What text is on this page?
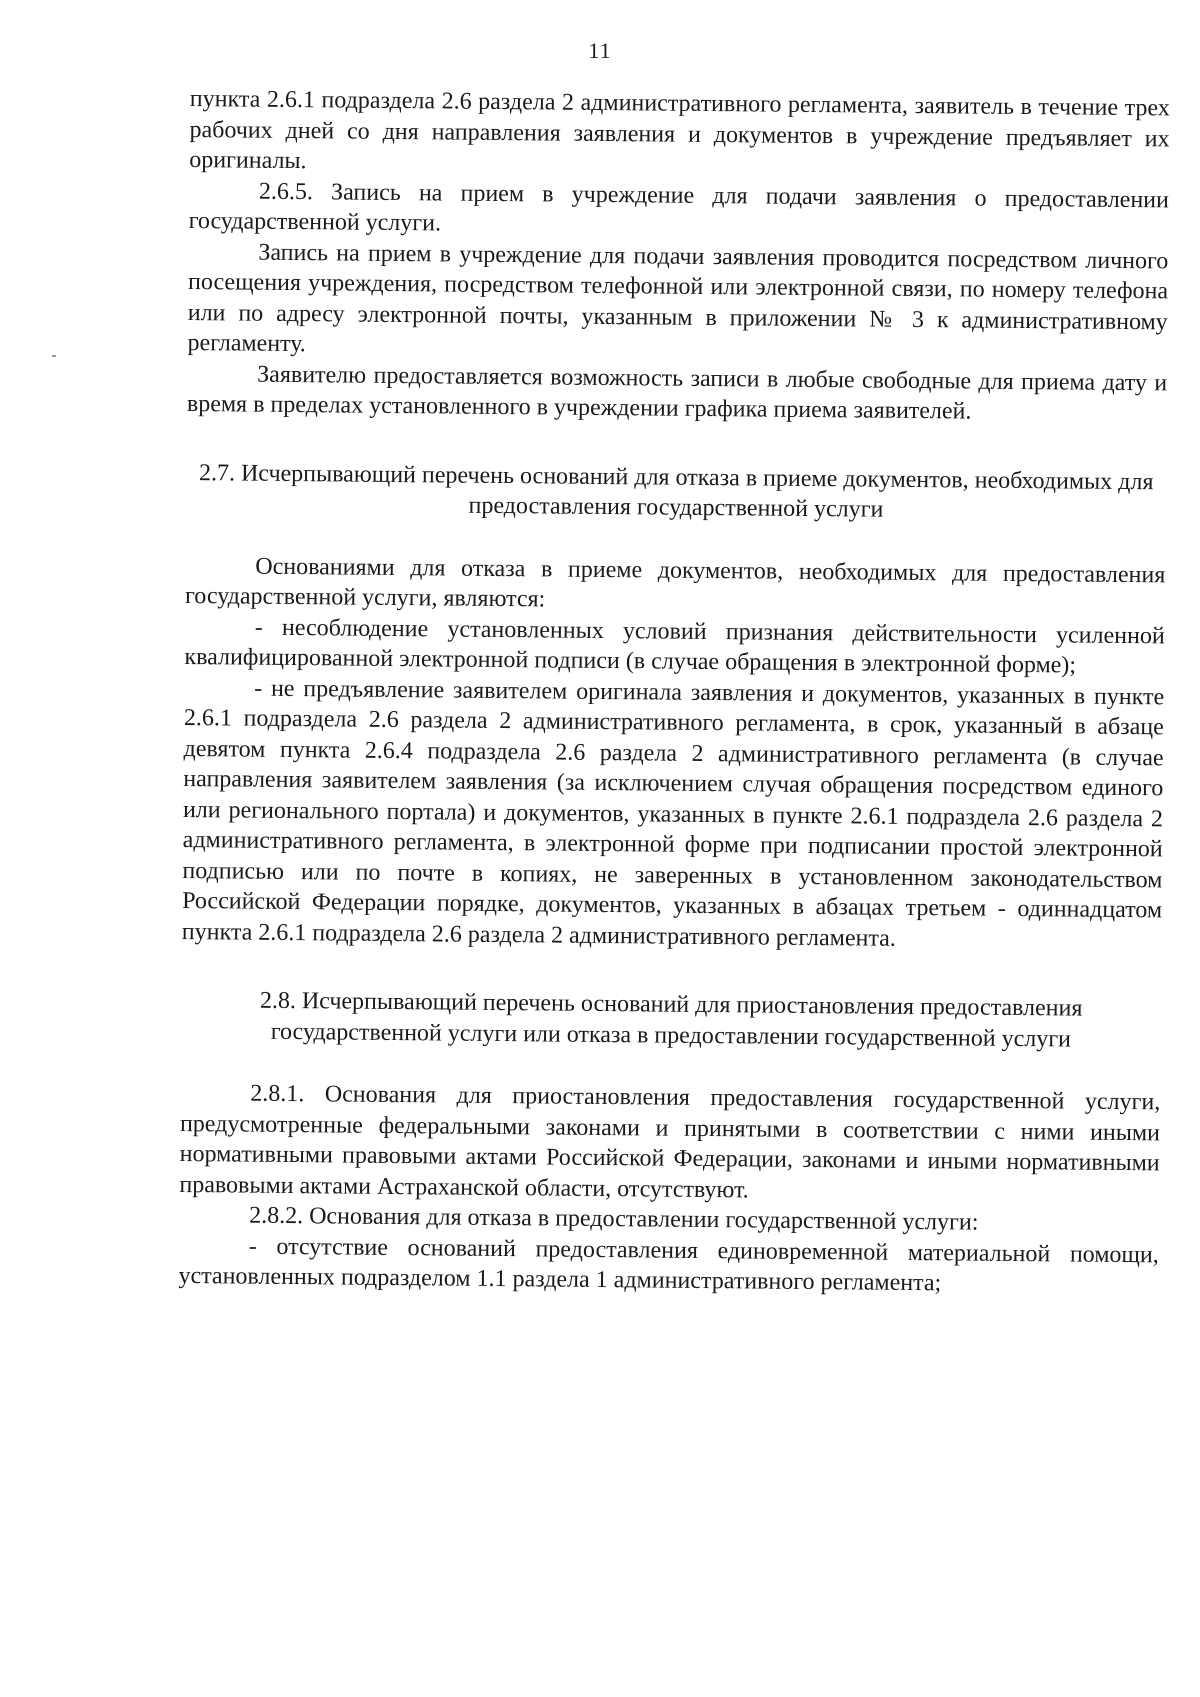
11

пункта 2.6.1 подраздела 2.6 раздела 2 административного регламента, заявитель в течение трех рабочих дней со дня направления заявления и документов в учреждение предъявляет их оригиналы.

2.6.5. Запись на прием в учреждение для подачи заявления о предоставлении государственной услуги.

Запись на прием в учреждение для подачи заявления проводится посредством личного посещения учреждения, посредством телефонной или электронной связи, по номеру телефона или по адресу электронной почты, указанным в приложении № 3 к административному регламенту.

Заявителю предоставляется возможность записи в любые свободные для приема дату и время в пределах установленного в учреждении графика приема заявителей.

2.7. Исчерпывающий перечень оснований для отказа в приеме документов, необходимых для предоставления государственной услуги

Основаниями для отказа в приеме документов, необходимых для предоставления государственной услуги, являются:

- несоблюдение установленных условий признания действительности усиленной квалифицированной электронной подписи (в случае обращения в электронной форме);

- не предъявление заявителем оригинала заявления и документов, указанных в пункте 2.6.1 подраздела 2.6 раздела 2 административного регламента, в срок, указанный в абзаце девятом пункта 2.6.4 подраздела 2.6 раздела 2 административного регламента (в случае направления заявителем заявления (за исключением случая обращения посредством единого или регионального портала) и документов, указанных в пункте 2.6.1 подраздела 2.6 раздела 2 административного регламента, в электронной форме при подписании простой электронной подписью или по почте в копиях, не заверенных в установленном законодательством Российской Федерации порядке, документов, указанных в абзацах третьем - одиннадцатом пункта 2.6.1 подраздела 2.6 раздела 2 административного регламента.

2.8. Исчерпывающий перечень оснований для приостановления предоставления государственной услуги или отказа в предоставлении государственной услуги

2.8.1. Основания для приостановления предоставления государственной услуги, предусмотренные федеральными законами и принятыми в соответствии с ними иными нормативными правовыми актами Российской Федерации, законами и иными нормативными правовыми актами Астраханской области, отсутствуют.

2.8.2. Основания для отказа в предоставлении государственной услуги:

- отсутствие оснований предоставления единовременной материальной помощи, установленных подразделом 1.1 раздела 1 административного регламента;
